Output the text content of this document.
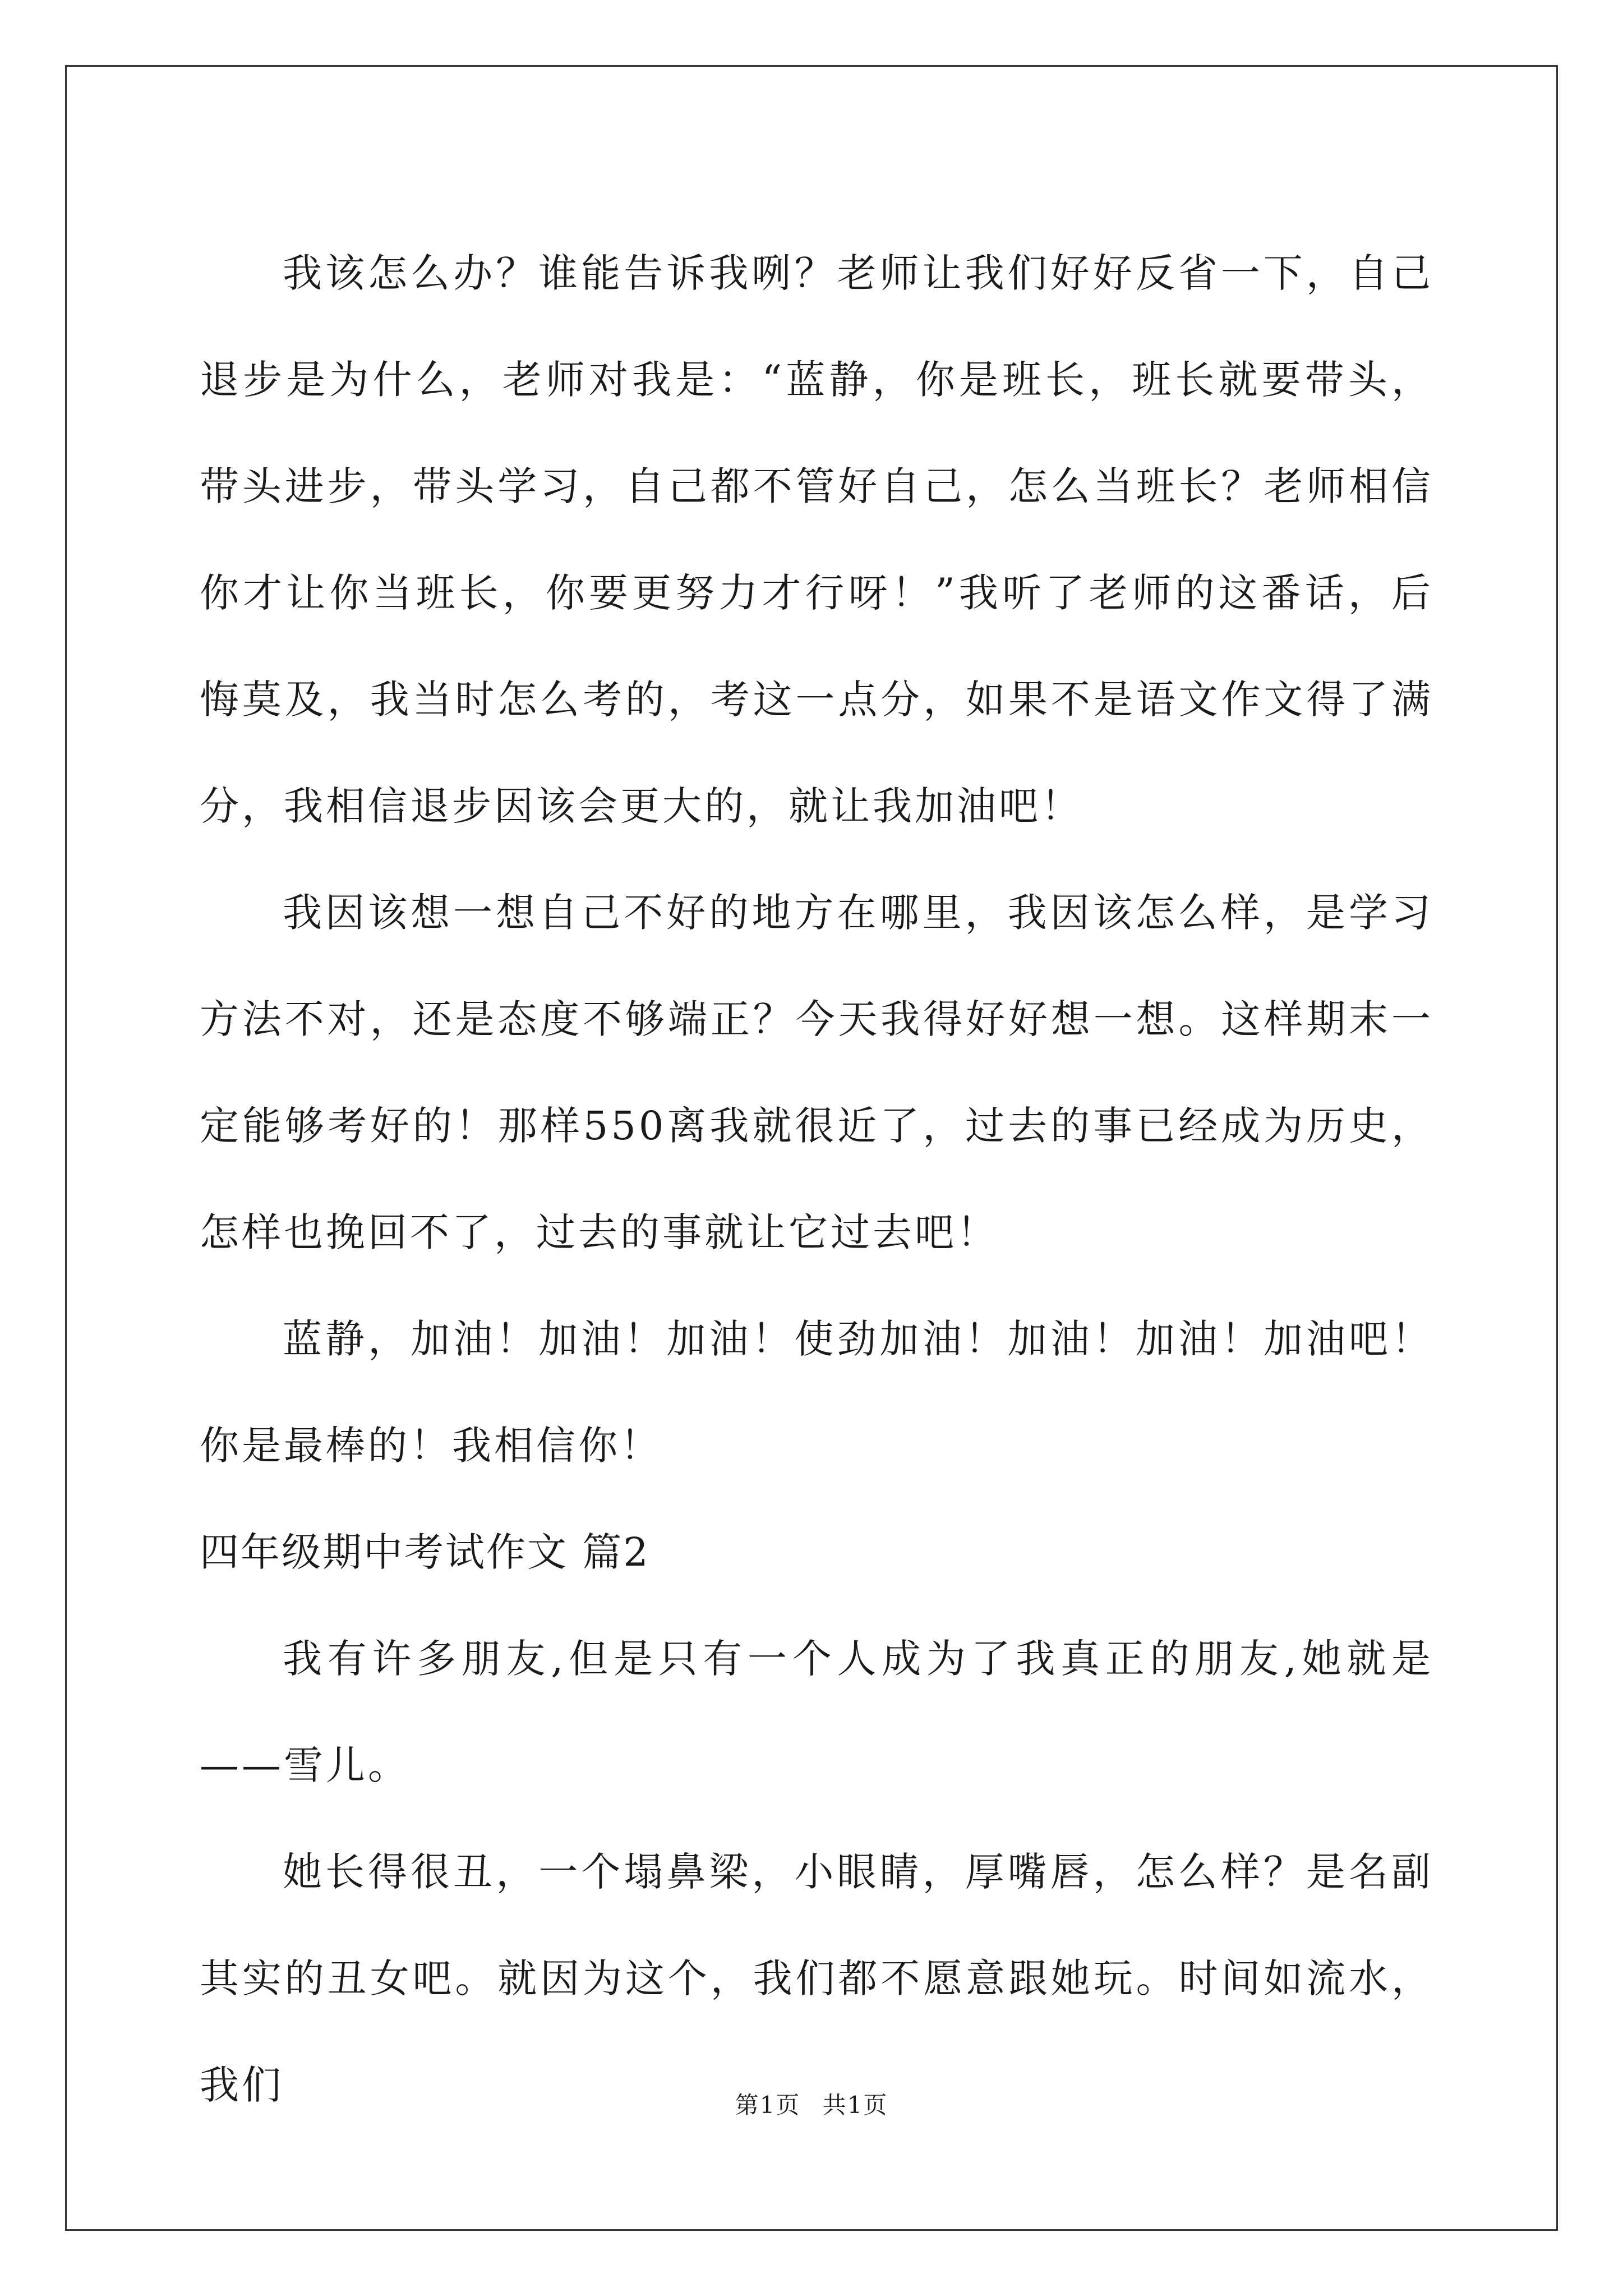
我该怎么办？谁能告诉我咧？老师让我们好好反省一下，自己退步是为什么，老师对我是：“蓝静，你是班长，班长就要带头，带头进步，带头学习，自己都不管好自己，怎么当班长？老师相信你才让你当班长，你要更努力才行呀！”我听了老师的这番话，后悔莫及，我当时怎么考的，考这一点分，如果不是语文作文得了满分，我相信退步因该会更大的，就让我加油吧！

我因该想一想自己不好的地方在哪里，我因该怎么样，是学习方法不对，还是态度不够端正？今天我得好好想一想。这样期末一定能够考好的！那样550离我就很近了，过去的事已经成为历史，怎样也挽回不了，过去的事就让它过去吧！

蓝静，加油！加油！加油！使劲加油！加油！加油！加油吧！你是最棒的！我相信你！

四年级期中考试作文 篇2

我有许多朋友,但是只有一个人成为了我真正的朋友,她就是——雪儿。

她长得很丑，一个塌鼻梁，小眼睛，厚嘴唇，怎么样？是名副其实的丑女吧。就因为这个，我们都不愿意跟她玩。时间如流水，我们	第1页 共1页
